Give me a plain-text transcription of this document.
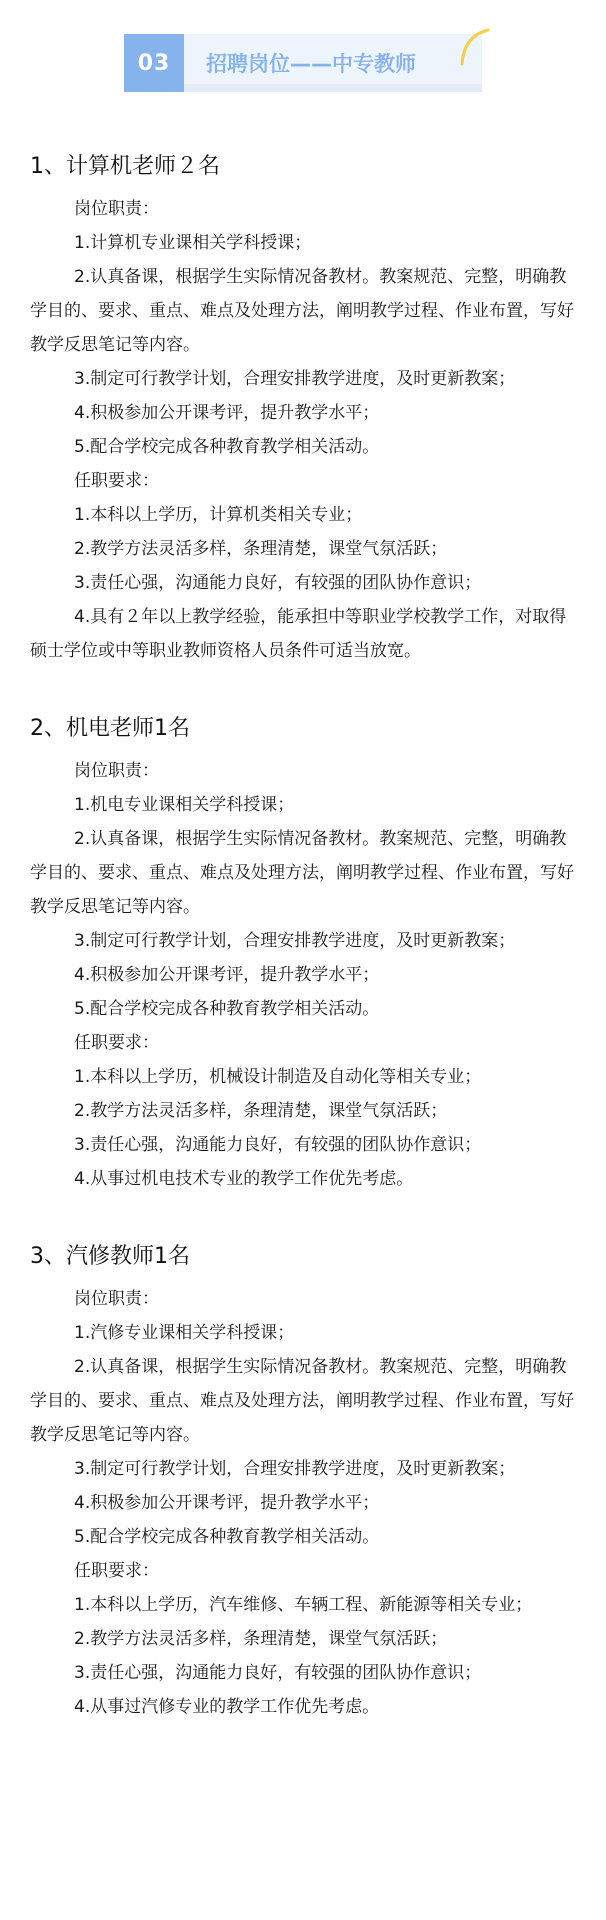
03	招聘岗位——中专教师
1、计算机老师２名
岗位职责：
1.计算机专业课相关学科授课；
2.认真备课，根据学生实际情况备教材。教案规范、完整，明确教学目的、要求、重点、难点及处理方法，阐明教学过程、作业布置，写好教学反思笔记等内容。
3.制定可行教学计划，合理安排教学进度，及时更新教案；
4.积极参加公开课考评，提升教学水平；
5.配合学校完成各种教育教学相关活动。
任职要求：
1.本科以上学历，计算机类相关专业；
2.教学方法灵活多样，条理清楚，课堂气氛活跃；
3.责任心强，沟通能力良好，有较强的团队协作意识；
4.具有２年以上教学经验，能承担中等职业学校教学工作，对取得硕士学位或中等职业教师资格人员条件可适当放宽。
2、机电老师1名
岗位职责：
1.机电专业课相关学科授课；
2.认真备课，根据学生实际情况备教材。教案规范、完整，明确教学目的、要求、重点、难点及处理方法，阐明教学过程、作业布置，写好教学反思笔记等内容。
3.制定可行教学计划，合理安排教学进度，及时更新教案；
4.积极参加公开课考评，提升教学水平；
5.配合学校完成各种教育教学相关活动。
任职要求：
1.本科以上学历，机械设计制造及自动化等相关专业；
2.教学方法灵活多样，条理清楚，课堂气氛活跃；
3.责任心强，沟通能力良好，有较强的团队协作意识；
4.从事过机电技术专业的教学工作优先考虑。
3、汽修教师1名
岗位职责：
1.汽修专业课相关学科授课；
2.认真备课，根据学生实际情况备教材。教案规范、完整，明确教学目的、要求、重点、难点及处理方法，阐明教学过程、作业布置，写好教学反思笔记等内容。
3.制定可行教学计划，合理安排教学进度，及时更新教案；
4.积极参加公开课考评，提升教学水平；
5.配合学校完成各种教育教学相关活动。
任职要求：
1.本科以上学历，汽车维修、车辆工程、新能源等相关专业；
2.教学方法灵活多样，条理清楚，课堂气氛活跃；
3.责任心强，沟通能力良好，有较强的团队协作意识；
4.从事过汽修专业的教学工作优先考虑。
